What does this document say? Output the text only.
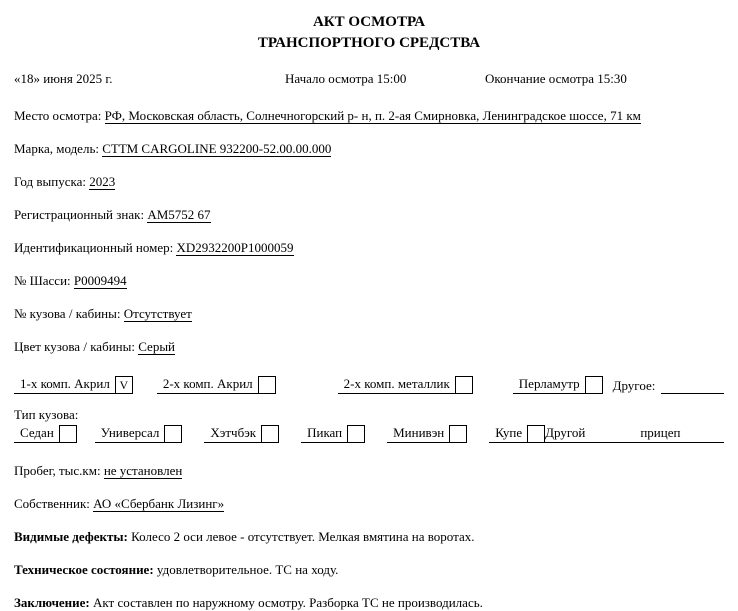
АКТ ОСМОТРА
ТРАНСПОРТНОГО СРЕДСТВА
«18» июня 2025 г.	Начало осмотра 15:00	Окончание осмотра 15:30
Место осмотра: РФ, Московская область, Солнечногорский р- н, п. 2-ая Смирновка, Ленинградское шоссе, 71 км
Марка, модель: СТТМ CARGOLINE 932200-52.00.00.000
Год выпуска: 2023
Регистрационный знак: АМ5752 67
Идентификационный номер: XD2932200P1000059
№ Шасси: P0009494
№ кузова / кабины: Отсутствует
Цвет кузова / кабины: Серый
1-х комп. Акрил V	2-х комп. Акрил	2-х комп. металлик	Перламутр	Другое:
Тип кузова:
Седан	Универсал	Хэтчбэк	Пикап	Минивэн	Купе	Другой	прицеп
Пробег, тыс.км: не установлен
Собственник: АО «Сбербанк Лизинг»
Видимые дефекты: Колесо 2 оси левое - отсутствует. Мелкая вмятина на воротах.
Техническое состояние: удовлетворительное. ТС на ходу.
Заключение: Акт составлен по наружному осмотру. Разборка ТС не производилась.
